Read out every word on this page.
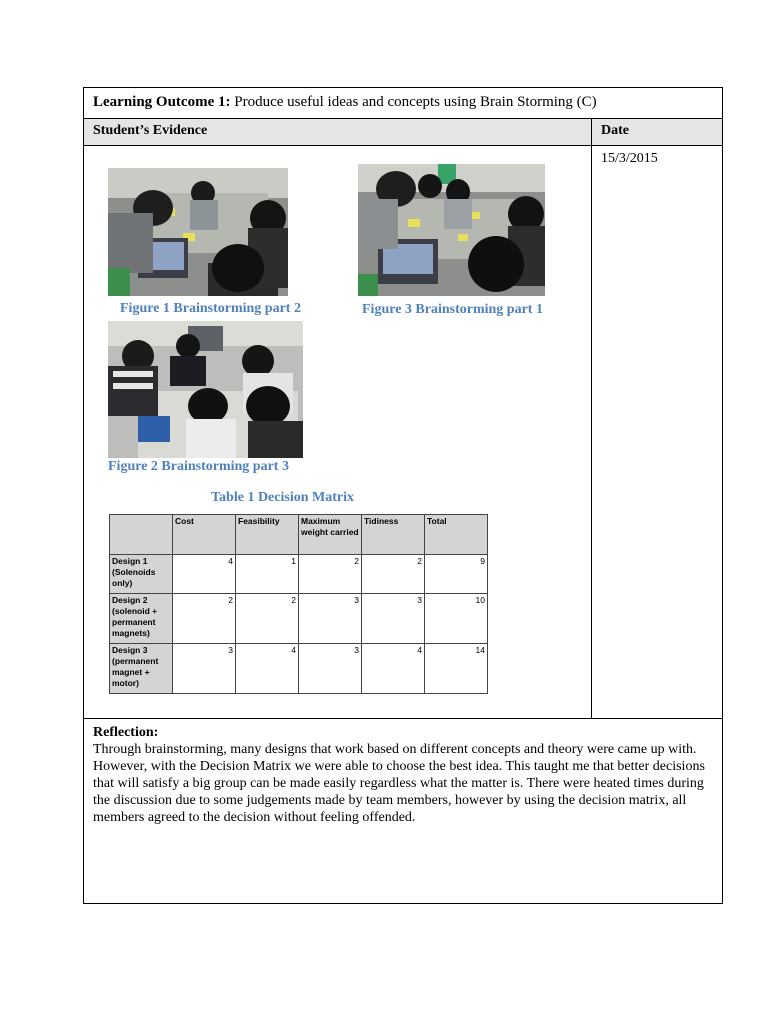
Learning Outcome 1: Produce useful ideas and concepts using Brain Storming (C)
Student’s Evidence	Date
15/3/2015
Figure 1 Brainstorming part 2	Figure 3 Brainstorming part 1
Figure 2 Brainstorming part 3
Table 1 Decision Matrix
	Cost	Feasibility	Maximum weight carried	Tidiness	Total
Design 1 (Solenoids only)	4	1	2	2	9
Design 2 (solenoid + permanent magnets)	2	2	3	3	10
Design 3 (permanent magnet + motor)	3	4	3	4	14
Reflection:
Through brainstorming, many designs that work based on different concepts and theory were came up with. However, with the Decision Matrix we were able to choose the best idea. This taught me that better decisions that will satisfy a big group can be made easily regardless what the matter is. There were heated times during the discussion due to some judgements made by team members, however by using the decision matrix, all members agreed to the decision without feeling offended.
